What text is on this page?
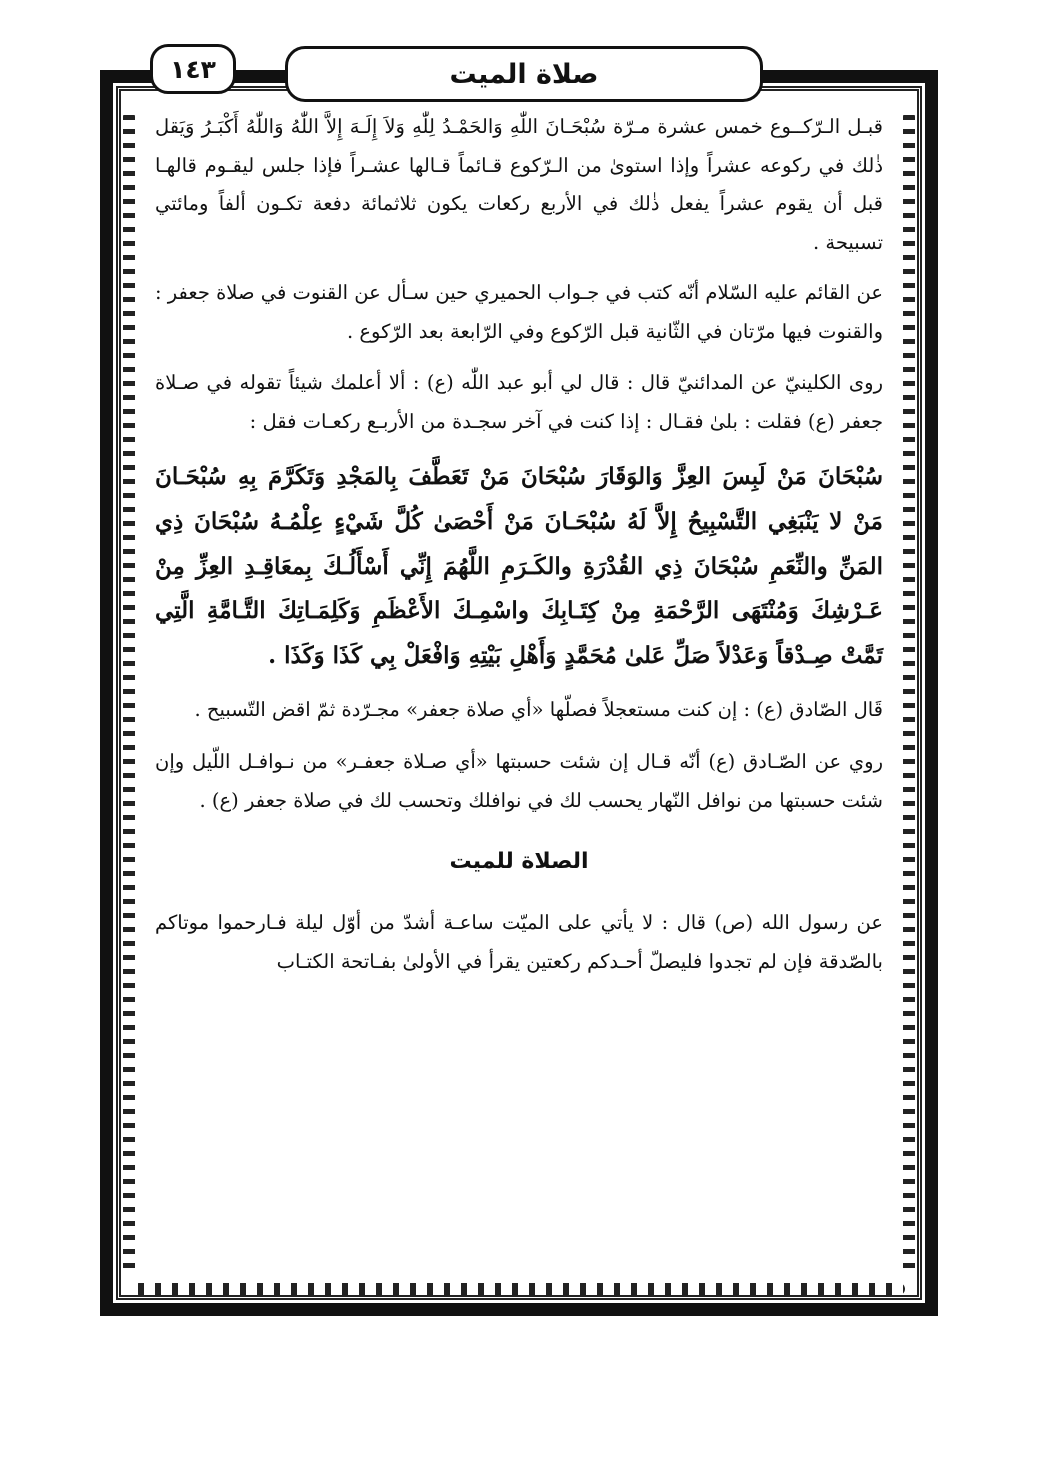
صلاة الميت
١٤٣

قبـل الـرّكــوع خمس عشرة مـرّة سُبْحَـانَ اللّٰهِ وَالحَمْـدُ لِلّٰهِ وَلاَ إِلَـهَ إِلاَّ اللّٰهُ وَاللّٰهُ أَكْبَـرُ وَيَقل ذٰلك في ركوعه عشراً وإذا استوىٰ من الـرّكوع قـائماً قـالها عشـراً فإذا جلس ليقـوم قالهـا قبل أن يقوم عشراً يفعل ذٰلك في الأربع ركعات يكون ثلاثمائة دفعة تكـون ألفاً ومائتي تسبيحة .

عن القائم عليه السّلام أنّه كتب في جـواب الحميري حين سـأل عن القنوت في صلاة جعفر : والقنوت فيها مرّتان في الثّانية قبل الرّكوع وفي الرّابعة بعد الرّكوع .

روى الكلينيّ عن المدائنيّ قال : قال لي أبو عبد اللّٰه (ع) : ألا أعلمك شيئاً تقوله في صـلاة جعفر (ع) فقلت : بلىٰ فقـال : إذا كنت في آخر سجـدة من الأربـع ركعـات فقل :

سُبْحَانَ مَنْ لَبِسَ العِزَّ وَالوَقَارَ سُبْحَانَ مَنْ تَعَطَّفَ بِالمَجْدِ وَتَكَرَّمَ بِهِ سُبْحَـانَ مَنْ لا يَنْبَغِي التَّسْبِيحُ إِلاَّ لَهُ سُبْحَـانَ مَنْ أَحْصَىٰ كُلَّ شَيْءٍ عِلْمُـهُ سُبْحَانَ ذِي المَنِّ والنِّعَمِ سُبْحَانَ ذِي القُدْرَةِ والكَـرَمِ اللَّهُمَ إِنِّي أَسْأَلُـكَ بِمعَاقِـدِ العِزِّ مِنْ عَـرْشِكَ وَمُنْتَهَى الرَّحْمَةِ مِنْ كِتَـابِكَ واسْمِـكَ الأَعْظَمِ وَكَلِمَـاتِكَ التَّـامَّةِ الَّتِي تَمَّتْ صِـدْقاً وَعَدْلاً صَلِّ عَلىٰ مُحَمَّدٍ وَأَهْلِ بَيْتِهِ وَافْعَلْ بِي كَذَا وَكَذَا .

قَال الصّادق (ع) : إن كنت مستعجلاً فصلّها «أي صلاة جعفر» مجـرّدة ثمّ اقض التّسبيح .

روي عن الصّـادق (ع) أنّه قـال إن شئت حسبتها «أي صـلاة جعفـر» من نـوافـل اللّيل وإن شئت حسبتها من نوافل النّهار يحسب لك في نوافلك وتحسب لك في صلاة جعفر (ع) .

الصلاة للميت

عن رسول الله (ص) قال : لا يأتي على الميّت ساعـة أشدّ من أوّل ليلة فـارحموا موتاكم بالصّدقة فإن لم تجدوا فليصلّ أحـدكم ركعتين يقرأ في الأولىٰ بفـاتحة الكتـاب
